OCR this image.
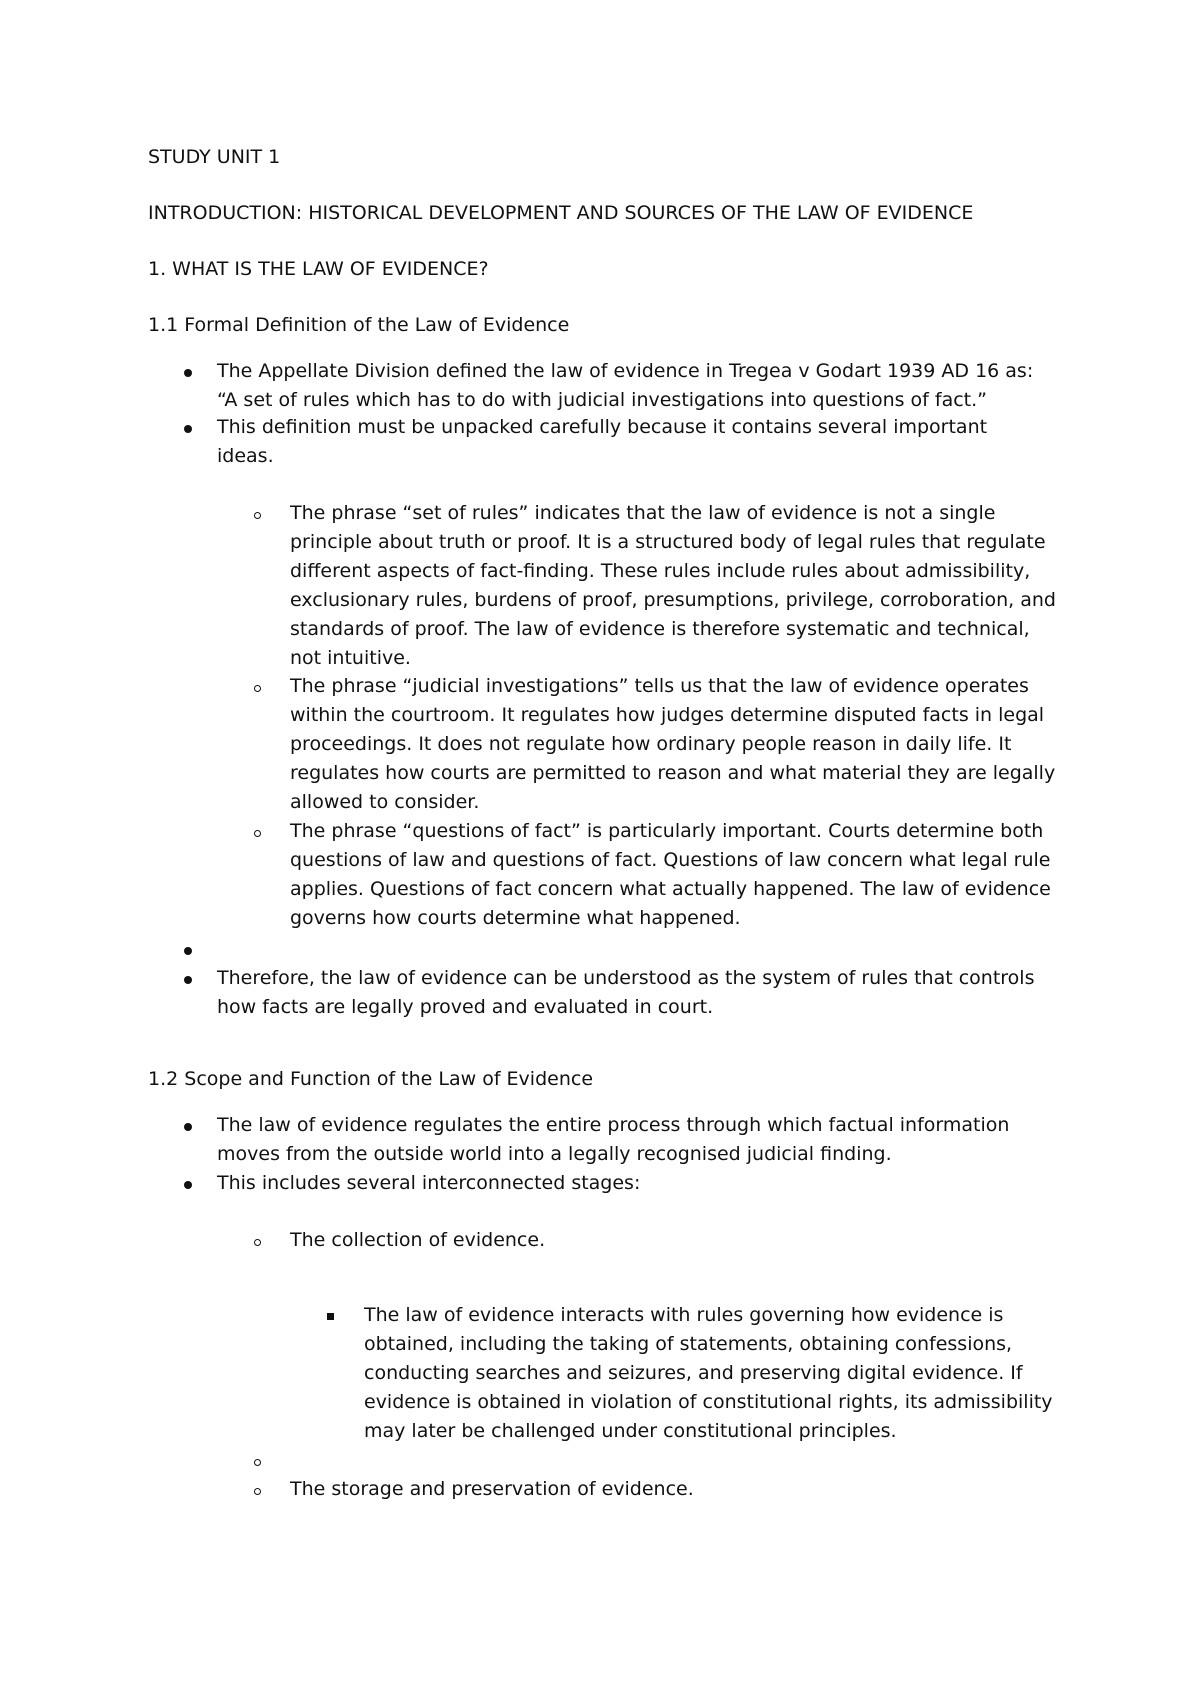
STUDY UNIT 1
INTRODUCTION: HISTORICAL DEVELOPMENT AND SOURCES OF THE LAW OF EVIDENCE
1. WHAT IS THE LAW OF EVIDENCE?
1.1 Formal Definition of the Law of Evidence
The Appellate Division defined the law of evidence in Tregea v Godart 1939 AD 16 as: “A set of rules which has to do with judicial investigations into questions of fact.”
This definition must be unpacked carefully because it contains several important ideas.
The phrase “set of rules” indicates that the law of evidence is not a single principle about truth or proof. It is a structured body of legal rules that regulate different aspects of fact-finding. These rules include rules about admissibility, exclusionary rules, burdens of proof, presumptions, privilege, corroboration, and standards of proof. The law of evidence is therefore systematic and technical, not intuitive.
The phrase “judicial investigations” tells us that the law of evidence operates within the courtroom. It regulates how judges determine disputed facts in legal proceedings. It does not regulate how ordinary people reason in daily life. It regulates how courts are permitted to reason and what material they are legally allowed to consider.
The phrase “questions of fact” is particularly important. Courts determine both questions of law and questions of fact. Questions of law concern what legal rule applies. Questions of fact concern what actually happened. The law of evidence governs how courts determine what happened.
Therefore, the law of evidence can be understood as the system of rules that controls how facts are legally proved and evaluated in court.
1.2 Scope and Function of the Law of Evidence
The law of evidence regulates the entire process through which factual information moves from the outside world into a legally recognised judicial finding.
This includes several interconnected stages:
The collection of evidence.
The law of evidence interacts with rules governing how evidence is obtained, including the taking of statements, obtaining confessions, conducting searches and seizures, and preserving digital evidence. If evidence is obtained in violation of constitutional rights, its admissibility may later be challenged under constitutional principles.
The storage and preservation of evidence.
